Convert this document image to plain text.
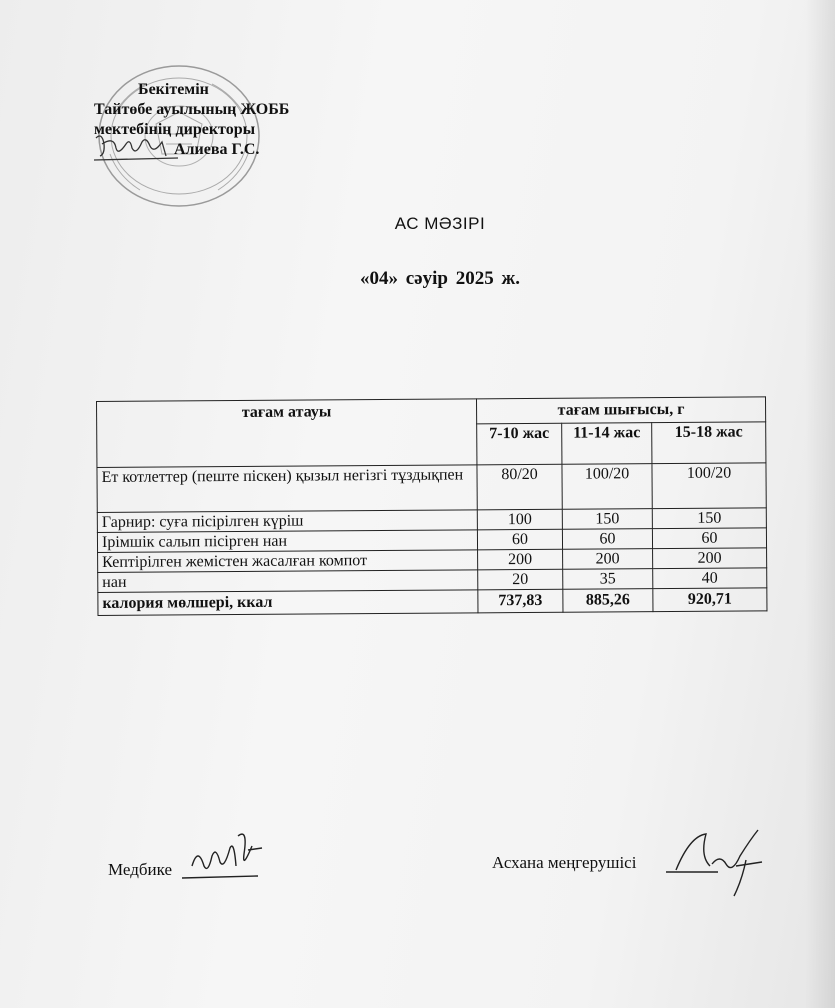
Бекітемін
Тайтөбе ауылының ЖОББ
мектебінің директоры
Алиева Г.С.
АС МӘЗІРІ
«04» сәуір 2025 ж.
тағам атауы	тағам шығысы, г		
	7-10 жас	11-14 жас	15-18 жас
Ет котлеттер (пеште піскен) қызыл негізгі тұздықпен	80/20	100/20	100/20
Гарнир: суға пісірілген күріш	100	150	150
Ірімшік салып пісірген нан	60	60	60
Кептірілген жемістен жасалған компот	200	200	200
нан	20	35	40
калория мөлшері, ккал	737,83	885,26	920,71
Медбике	Асхана меңгерушісі
